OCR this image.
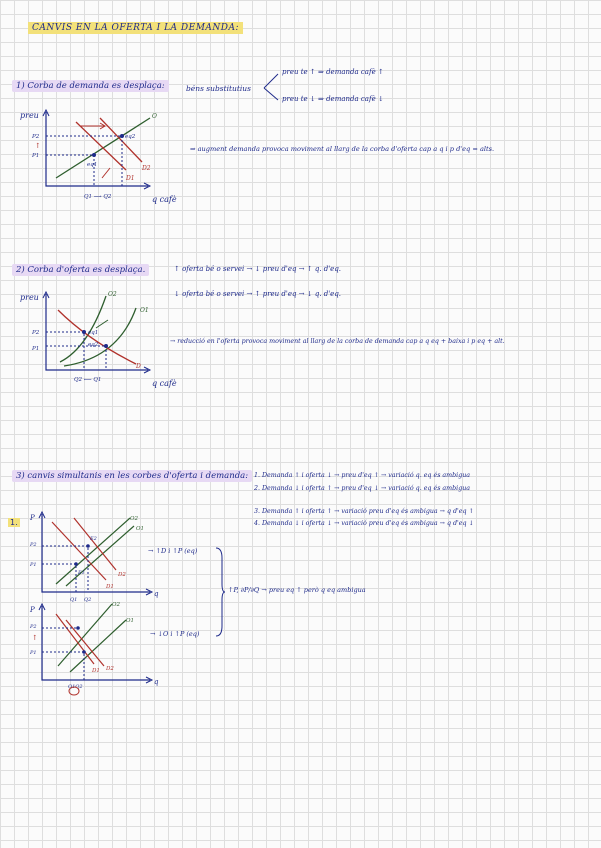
CANVIS EN LA OFERTA I LA DEMANDA:
1) Corba de demanda es desplaça:	béns substitutius
preu te ↑ ⇒ demanda cafè ↑
preu te ↓ ⇒ demanda cafè ↓
⇒ augment demanda provoca moviment al llarg de la corba d'oferta cap a q i p d'eq = alts.
preu
q cafè
O
D1
D2
eq1
eq2
P2
P1
↑
Q1 ⟶ Q2
2) Corba d'oferta es desplaça.	↑ oferta bé o servei → ↓ preu d'eq → ↑ q. d'eq.
↓ oferta bé o servei → ↑ preu d'eq → ↓ q. d'eq.
→ reducció en l'oferta provoca moviment al llarg de la corba de demanda cap a q eq + baixa i p eq + alt.
preu
q cafè
O2
O1
D
eq1
eq2
P2
P1
Q2 ⟵ Q1
3) canvis simultanis en les corbes d'oferta i demanda: 1. Demanda ↑ i oferta ↓ → preu d'eq ↑ → variació q. eq és ambigua
2. Demanda ↓ i oferta ↑ → preu d'eq ↓ → variació q. eq és ambigua
3. Demanda ↑ i oferta ↑ → variació preu d'eq és ambigua → q d'eq ↑
4. Demanda ↓ i oferta ↓ → variació preu d'eq és ambigua → q d'eq ↓
1. P
q
O2
O1
D1
D2
E2
E1
P2
P1
Q1 Q2
→ ↑D i ↑P (eq)
P
q
O2
O1
D1 D2
P2
P1
↑
Q1Q2
→ ↓O i ↑P (eq)
↑P, ∂P/∂Q → preu eq ↑ però q eq ambigua
